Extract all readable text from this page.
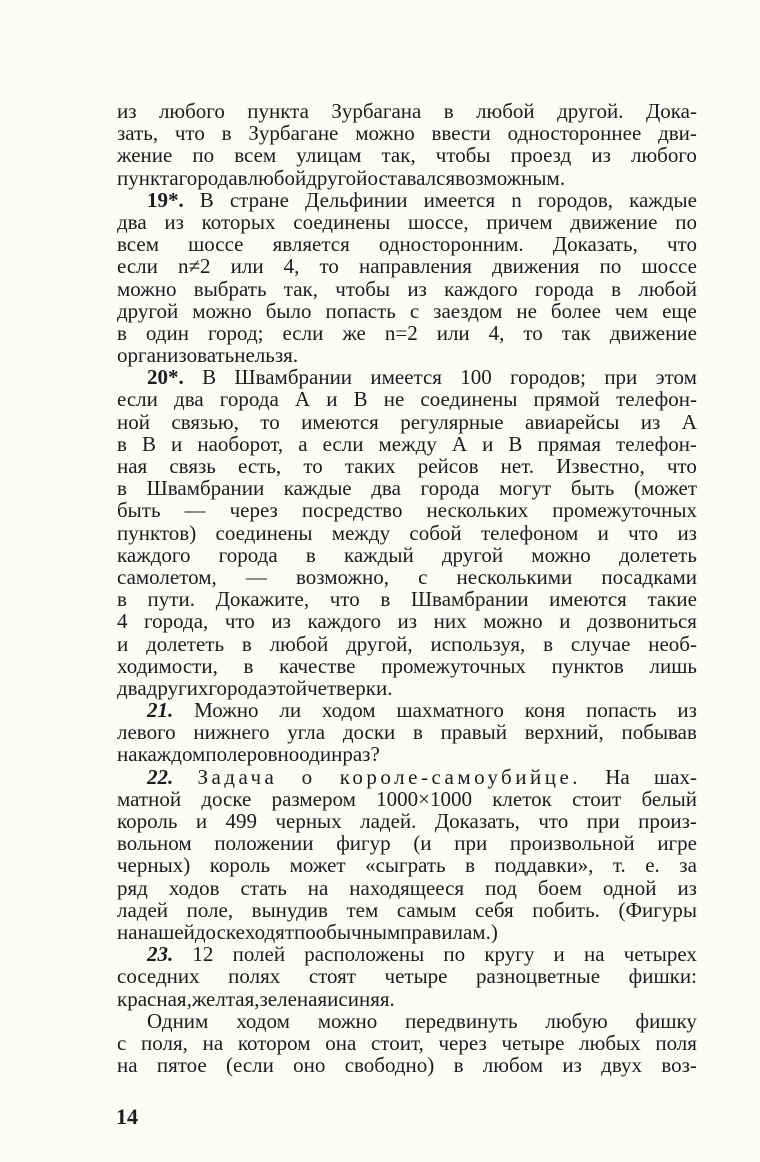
из любого пункта Зурбагана в любой другой. Дока-
зать, что в Зурбагане можно ввести одностороннее дви-
жение по всем улицам так, чтобы проезд из любого
пункта города в любой другой оставался возможным.
19*. В стране Дельфинии имеется n городов, каждые
два из которых соединены шоссе, причем движение по
всем шоссе является односторонним. Доказать, что
если n≠2 или 4, то направления движения по шоссе
можно выбрать так, чтобы из каждого города в любой
другой можно было попасть с заездом не более чем еще
в один город; если же n=2 или 4, то так движение
организовать нельзя.
20*. В Швамбрании имеется 100 городов; при этом
если два города A и B не соединены прямой телефон-
ной связью, то имеются регулярные авиарейсы из A
в B и наоборот, а если между A и B прямая телефон-
ная связь есть, то таких рейсов нет. Известно, что
в Швамбрании каждые два города могут быть (может
быть — через посредство нескольких промежуточных
пунктов) соединены между собой телефоном и что из
каждого города в каждый другой можно долететь
самолетом, — возможно, с несколькими посадками
в пути. Докажите, что в Швамбрании имеются такие
4 города, что из каждого из них можно и дозвониться
и долететь в любой другой, используя, в случае необ-
ходимости, в качестве промежуточных пунктов лишь
два других города этой четверки.
21. Можно ли ходом шахматного коня попасть из
левого нижнего угла доски в правый верхний, побывав
на каждом поле ровно один раз?
22. Задача о короле-самоубийце. На шах-
матной доске размером 1000×1000 клеток стоит белый
король и 499 черных ладей. Доказать, что при произ-
вольном положении фигур (и при произвольной игре
черных) король может «сыграть в поддавки», т. е. за
ряд ходов стать на находящееся под боем одной из
ладей поле, вынудив тем самым себя побить. (Фигуры
на нашей доске ходят по обычным правилам.)
23. 12 полей расположены по кругу и на четырех
соседних полях стоят четыре разноцветные фишки:
красная, желтая, зеленая и синяя.
Одним ходом можно передвинуть любую фишку
с поля, на котором она стоит, через четыре любых поля
на пятое (если оно свободно) в любом из двух воз-
14
